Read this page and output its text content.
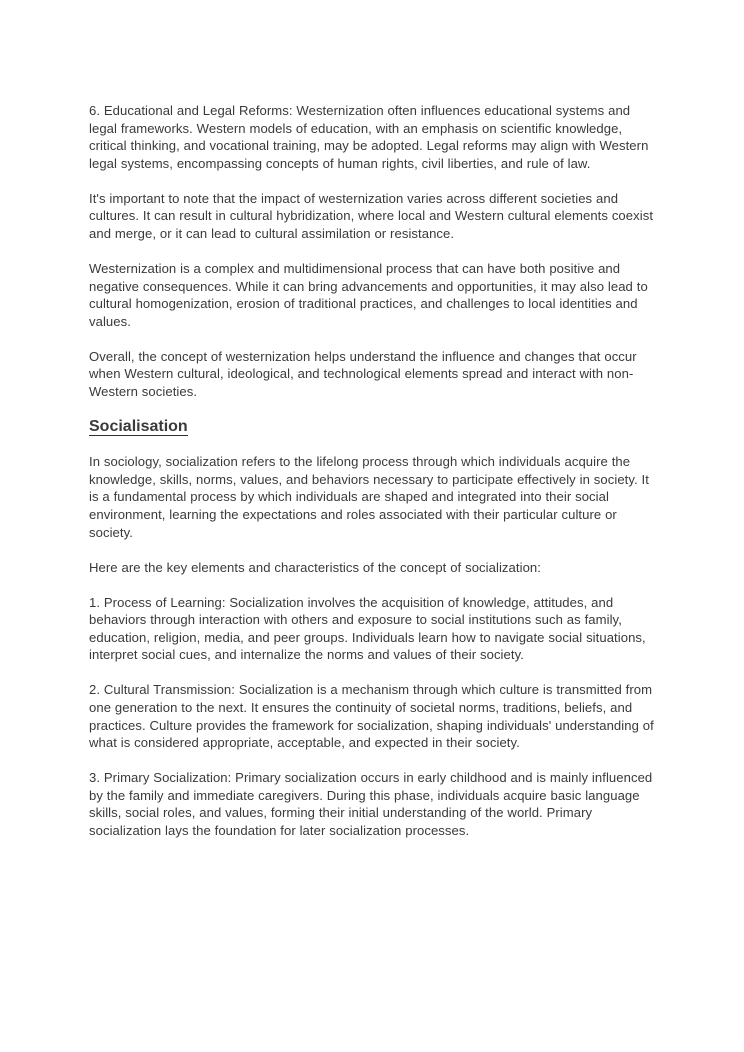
6. Educational and Legal Reforms: Westernization often influences educational systems and legal frameworks. Western models of education, with an emphasis on scientific knowledge, critical thinking, and vocational training, may be adopted. Legal reforms may align with Western legal systems, encompassing concepts of human rights, civil liberties, and rule of law.

It's important to note that the impact of westernization varies across different societies and cultures. It can result in cultural hybridization, where local and Western cultural elements coexist and merge, or it can lead to cultural assimilation or resistance.

Westernization is a complex and multidimensional process that can have both positive and negative consequences. While it can bring advancements and opportunities, it may also lead to cultural homogenization, erosion of traditional practices, and challenges to local identities and values.

Overall, the concept of westernization helps understand the influence and changes that occur when Western cultural, ideological, and technological elements spread and interact with non-Western societies.

Socialisation

In sociology, socialization refers to the lifelong process through which individuals acquire the knowledge, skills, norms, values, and behaviors necessary to participate effectively in society. It is a fundamental process by which individuals are shaped and integrated into their social environment, learning the expectations and roles associated with their particular culture or society.

Here are the key elements and characteristics of the concept of socialization:

1. Process of Learning: Socialization involves the acquisition of knowledge, attitudes, and behaviors through interaction with others and exposure to social institutions such as family, education, religion, media, and peer groups. Individuals learn how to navigate social situations, interpret social cues, and internalize the norms and values of their society.

2. Cultural Transmission: Socialization is a mechanism through which culture is transmitted from one generation to the next. It ensures the continuity of societal norms, traditions, beliefs, and practices. Culture provides the framework for socialization, shaping individuals' understanding of what is considered appropriate, acceptable, and expected in their society.

3. Primary Socialization: Primary socialization occurs in early childhood and is mainly influenced by the family and immediate caregivers. During this phase, individuals acquire basic language skills, social roles, and values, forming their initial understanding of the world. Primary socialization lays the foundation for later socialization processes.
